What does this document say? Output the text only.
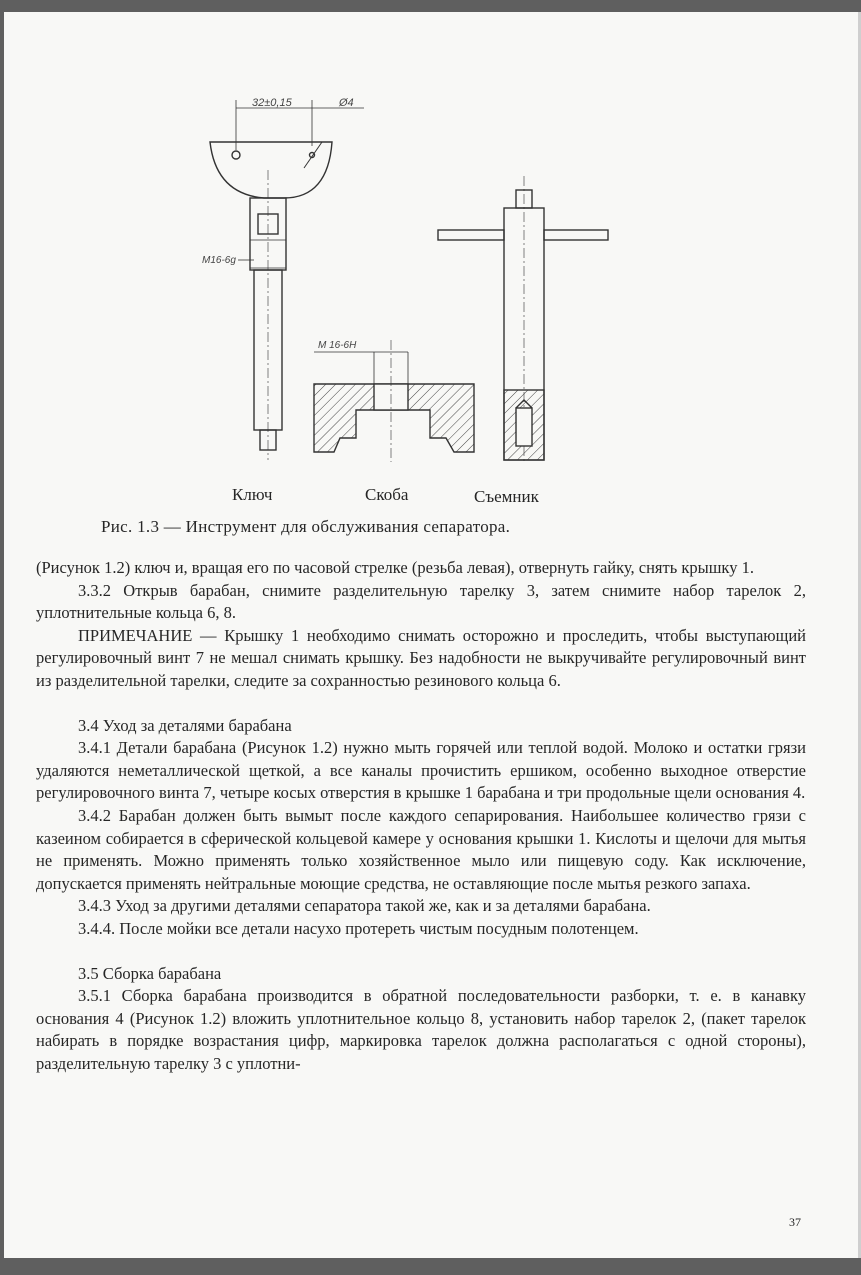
32±0,15	Ø4
М16-6g
М 16-6Н
Ключ	Скоба	Съемник
Рис. 1.3 — Инструмент для обслуживания сепаратора.

(Рисунок 1.2) ключ и, вращая его по часовой стрелке (резьба левая), отвернуть гайку, снять крышку 1.

3.3.2 Открыв барабан, снимите разделительную тарелку 3, затем снимите набор тарелок 2, уплотнительные кольца 6, 8.

ПРИМЕЧАНИЕ — Крышку 1 необходимо снимать осторожно и проследить, чтобы выступающий регулировочный винт 7 не мешал снимать крышку. Без надобности не выкручивайте регулировочный винт из разделительной тарелки, следите за сохранностью резинового кольца 6.

3.4 Уход за деталями барабана

3.4.1 Детали барабана (Рисунок 1.2) нужно мыть горячей или теплой водой. Молоко и остатки грязи удаляются неметаллической щеткой, а все каналы прочистить ершиком, особенно выходное отверстие регулировочного винта 7, четыре косых отверстия в крышке 1 барабана и три продольные щели основания 4.

3.4.2 Барабан должен быть вымыт после каждого сепарирования. Наибольшее количество грязи с казеином собирается в сферической кольцевой камере у основания крышки 1. Кислоты и щелочи для мытья не применять. Можно применять только хозяйственное мыло или пищевую соду. Как исключение, допускается применять нейтральные моющие средства, не оставляющие после мытья резкого запаха.

3.4.3 Уход за другими деталями сепаратора такой же, как и за деталями барабана.

3.4.4. После мойки все детали насухо протереть чистым посудным полотенцем.

3.5 Сборка барабана

3.5.1 Сборка барабана производится в обратной последовательности разборки, т. е. в канавку основания 4 (Рисунок 1.2) вложить уплотнительное кольцо 8, установить набор тарелок 2, (пакет тарелок набирать в порядке возрастания цифр, маркировка тарелок должна располагаться с одной стороны), разделительную тарелку 3 с уплотни-

37
